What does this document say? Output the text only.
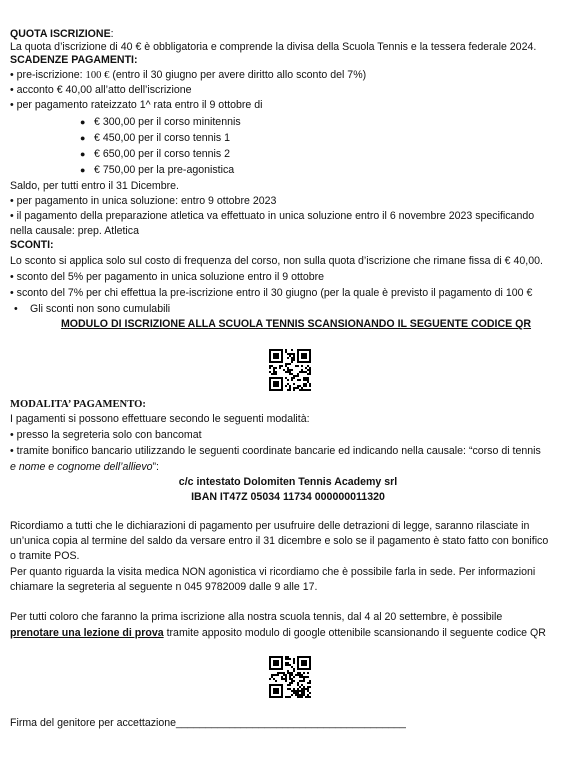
QUOTA ISCRIZIONE:
La quota d’iscrizione di 40 € è obbligatoria e comprende la divisa della Scuola Tennis e la tessera federale 2024.
SCADENZE PAGAMENTI:
• pre-iscrizione: 100 € (entro il 30 giugno per avere diritto allo sconto del 7%)
• acconto € 40,00 all’atto dell’iscrizione
• per pagamento rateizzato 1^ rata entro il 9 ottobre di
● € 300,00 per il corso minitennis
● € 450,00 per il corso tennis 1
● € 650,00 per il corso tennis 2
● € 750,00 per la pre-agonistica
Saldo, per tutti entro il 31 Dicembre.
• per pagamento in unica soluzione: entro 9 ottobre 2023
• il pagamento della preparazione atletica va effettuato in unica soluzione entro il 6 novembre 2023 specificando
nella causale: prep. Atletica
SCONTI:
Lo sconto si applica solo sul costo di frequenza del corso, non sulla quota d’iscrizione che rimane fissa di € 40,00.
• sconto del 5% per pagamento in unica soluzione entro il 9 ottobre
• sconto del 7% per chi effettua la pre-iscrizione entro il 30 giugno (per la quale è previsto il pagamento di 100 €
• Gli sconti non sono cumulabili
MODULO DI ISCRIZIONE ALLA SCUOLA TENNIS SCANSIONANDO IL SEGUENTE CODICE QR
MODALITA’ PAGAMENTO:
I pagamenti si possono effettuare secondo le seguenti modalità:
• presso la segreteria solo con bancomat
• tramite bonifico bancario utilizzando le seguenti coordinate bancarie ed indicando nella causale: “corso di tennis
e nome e cognome dell’allievo”:
c/c intestato Dolomiten Tennis Academy srl
IBAN IT47Z 05034 11734 000000011320
Ricordiamo a tutti che le dichiarazioni di pagamento per usufruire delle detrazioni di legge, saranno rilasciate in
un’unica copia al termine del saldo da versare entro il 31 dicembre e solo se il pagamento è stato fatto con bonifico
o tramite POS.
Per quanto riguarda la visita medica NON agonistica vi ricordiamo che è possibile farla in sede. Per informazioni
chiamare la segreteria al seguente n 045 9782009 dalle 9 alle 17.
Per tutti coloro che faranno la prima iscrizione alla nostra scuola tennis, dal 4 al 20 settembre, è possibile
prenotare una lezione di prova tramite apposito modulo di google ottenibile scansionando il seguente codice QR
Firma del genitore per accettazione_______________________________________
